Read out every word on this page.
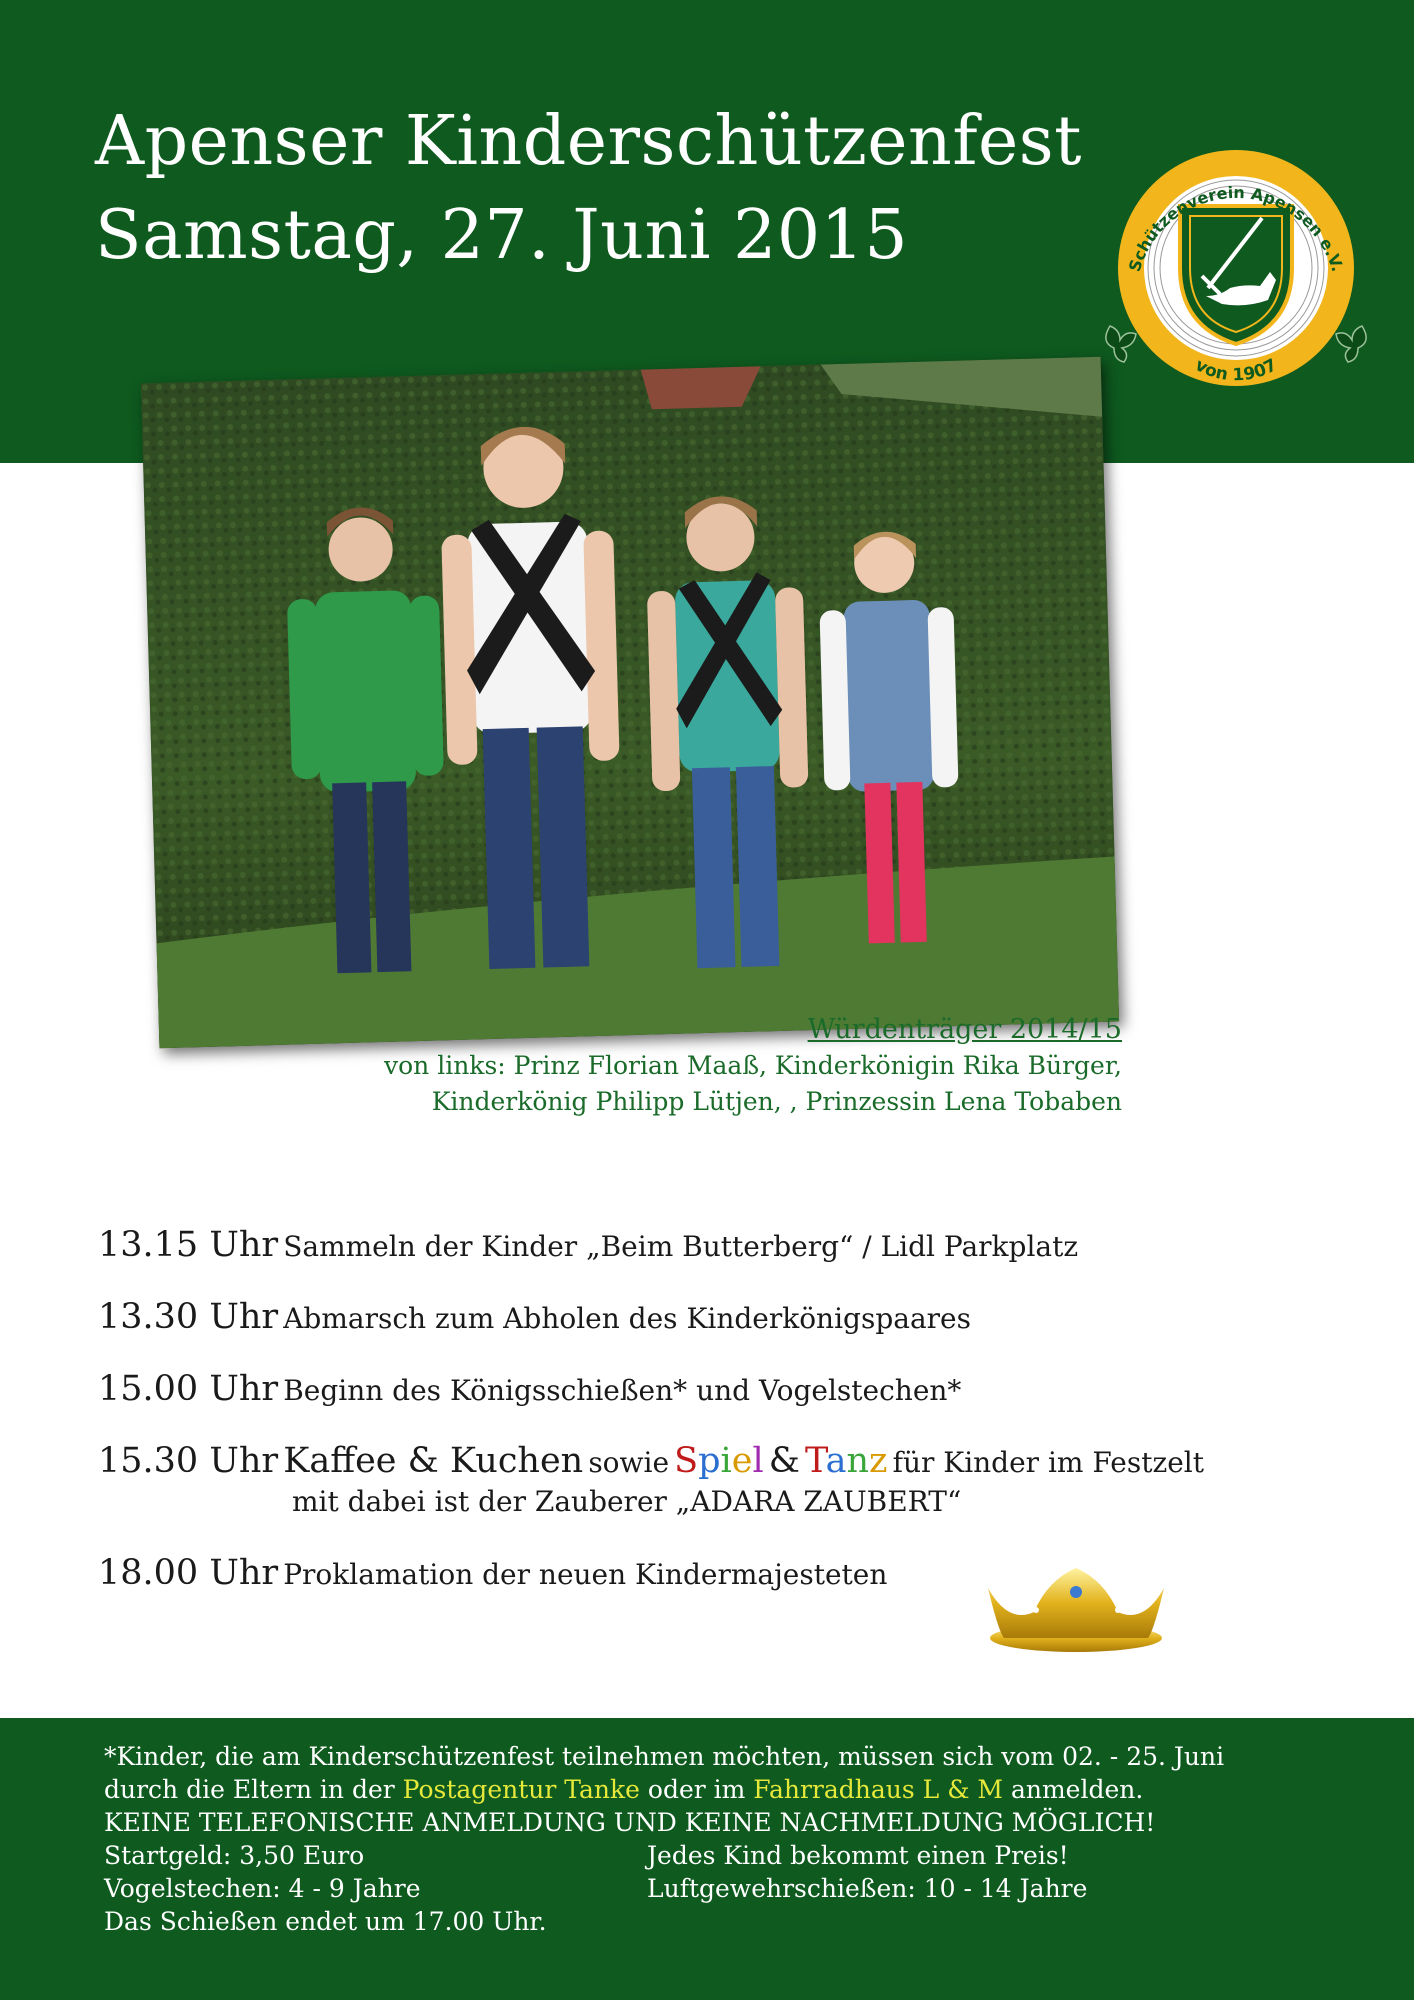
Apenser Kinderschützenfest
Samstag, 27. Juni 2015	Schützenverein Apensen e.V.
von 1907
Würdenträger 2014/15
von links: Prinz Florian Maaß, Kinderkönigin Rika Bürger,
Kinderkönig Philipp Lütjen, , Prinzessin Lena Tobaben
13.15 Uhr Sammeln der Kinder „Beim Butterberg“ / Lidl Parkplatz
13.30 Uhr Abmarsch zum Abholen des Kinderkönigspaares
15.00 Uhr Beginn des Königsschießen* und Vogelstechen*
15.30 Uhr Kaffee & Kuchen sowie Spiel & Tanz für Kinder im Festzelt
mit dabei ist der Zauberer „ADARA ZAUBERT“
18.00 Uhr Proklamation der neuen Kindermajesteten
*Kinder, die am Kinderschützenfest teilnehmen möchten, müssen sich vom 02. - 25. Juni
durch die Eltern in der Postagentur Tanke oder im Fahrradhaus L & M anmelden.
KEINE TELEFONISCHE ANMELDUNG UND KEINE NACHMELDUNG MÖGLICH!
Startgeld: 3,50 Euro
Vogelstechen: 4 - 9 Jahre
Das Schießen endet um 17.00 Uhr.
Jedes Kind bekommt einen Preis!
Luftgewehrschießen: 10 - 14 Jahre
